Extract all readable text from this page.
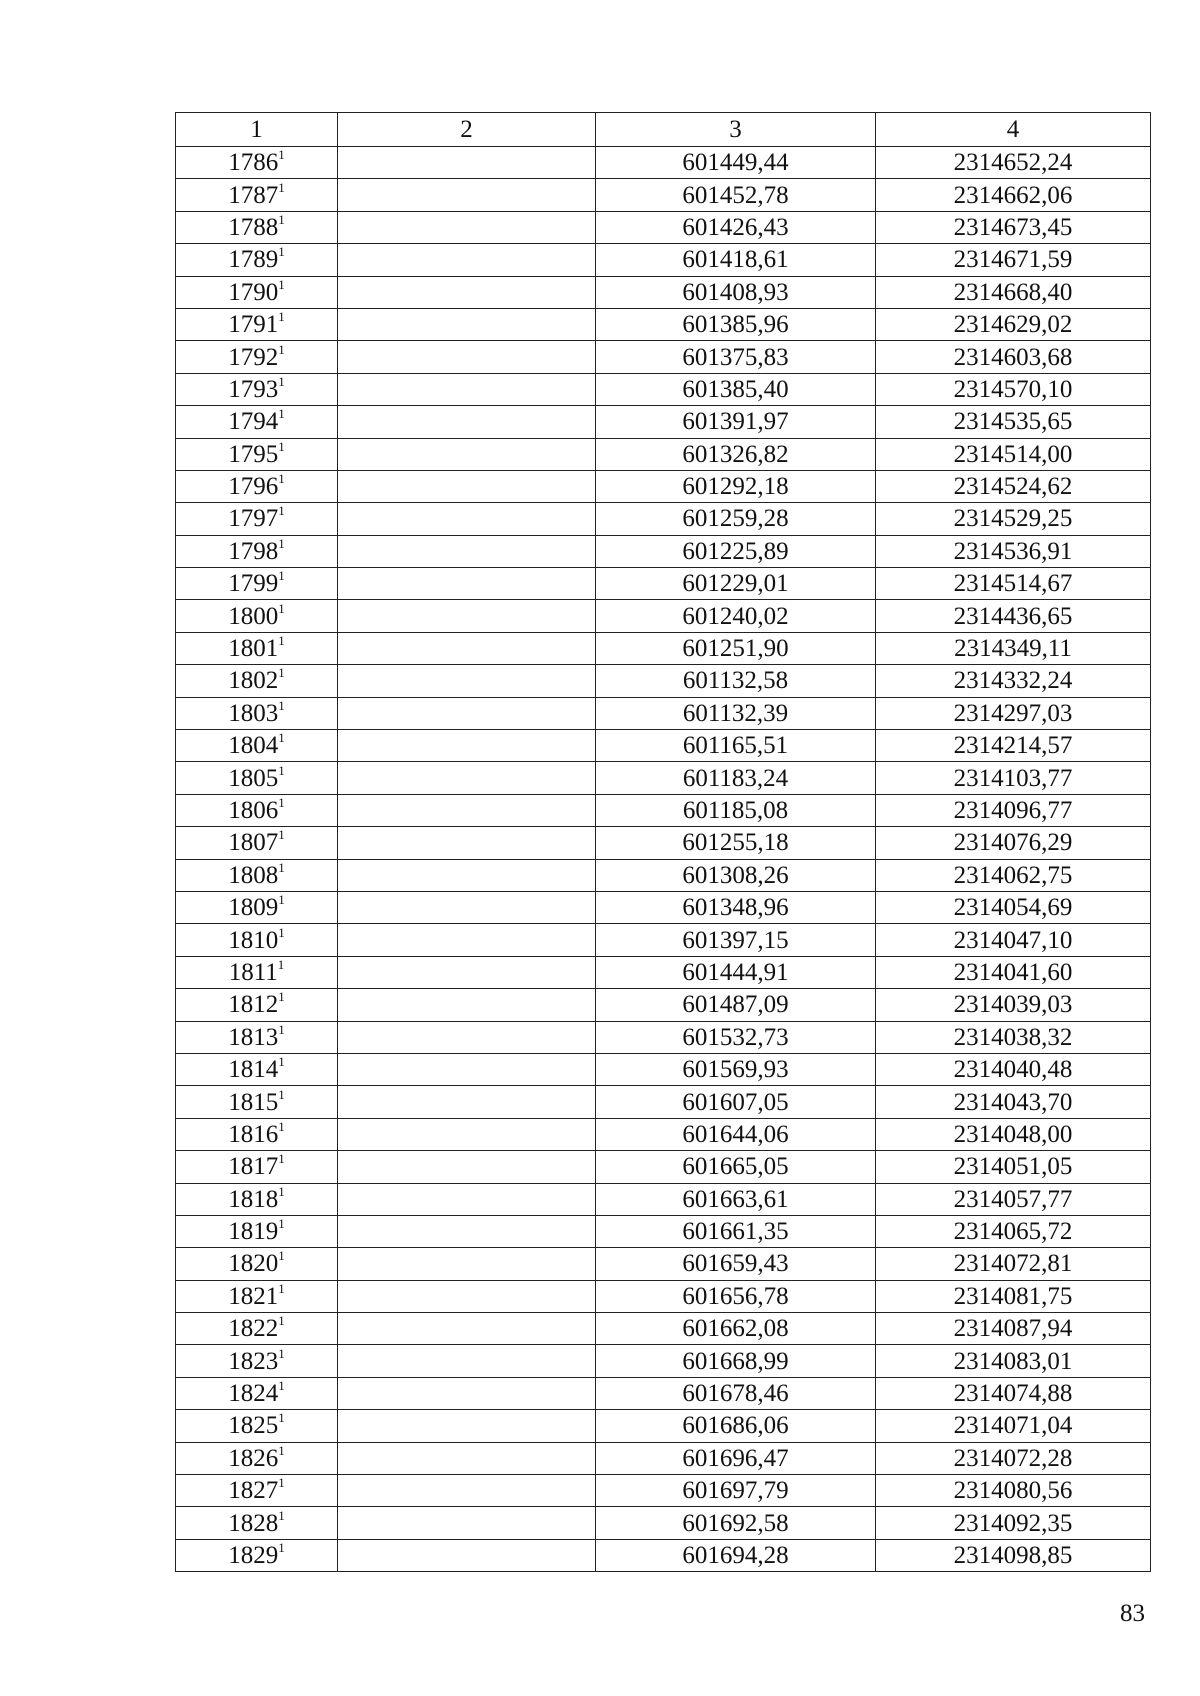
1	2	3	4
1786$^1$		601449,44	2314652,24
1787$^1$		601452,78	2314662,06
1788$^1$		601426,43	2314673,45
1789$^1$		601418,61	2314671,59
1790$^1$		601408,93	2314668,40
1791$^1$		601385,96	2314629,02
1792$^1$		601375,83	2314603,68
1793$^1$		601385,40	2314570,10
1794$^1$		601391,97	2314535,65
1795$^1$		601326,82	2314514,00
1796$^1$		601292,18	2314524,62
1797$^1$		601259,28	2314529,25
1798$^1$		601225,89	2314536,91
1799$^1$		601229,01	2314514,67
1800$^1$		601240,02	2314436,65
1801$^1$		601251,90	2314349,11
1802$^1$		601132,58	2314332,24
1803$^1$		601132,39	2314297,03
1804$^1$		601165,51	2314214,57
1805$^1$		601183,24	2314103,77
1806$^1$		601185,08	2314096,77
1807$^1$		601255,18	2314076,29
1808$^1$		601308,26	2314062,75
1809$^1$		601348,96	2314054,69
1810$^1$		601397,15	2314047,10
1811$^1$		601444,91	2314041,60
1812$^1$		601487,09	2314039,03
1813$^1$		601532,73	2314038,32
1814$^1$		601569,93	2314040,48
1815$^1$		601607,05	2314043,70
1816$^1$		601644,06	2314048,00
1817$^1$		601665,05	2314051,05
1818$^1$		601663,61	2314057,77
1819$^1$		601661,35	2314065,72
1820$^1$		601659,43	2314072,81
1821$^1$		601656,78	2314081,75
1822$^1$		601662,08	2314087,94
1823$^1$		601668,99	2314083,01
1824$^1$		601678,46	2314074,88
1825$^1$		601686,06	2314071,04
1826$^1$		601696,47	2314072,28
1827$^1$		601697,79	2314080,56
1828$^1$		601692,58	2314092,35
1829$^1$		601694,28	2314098,85
83
